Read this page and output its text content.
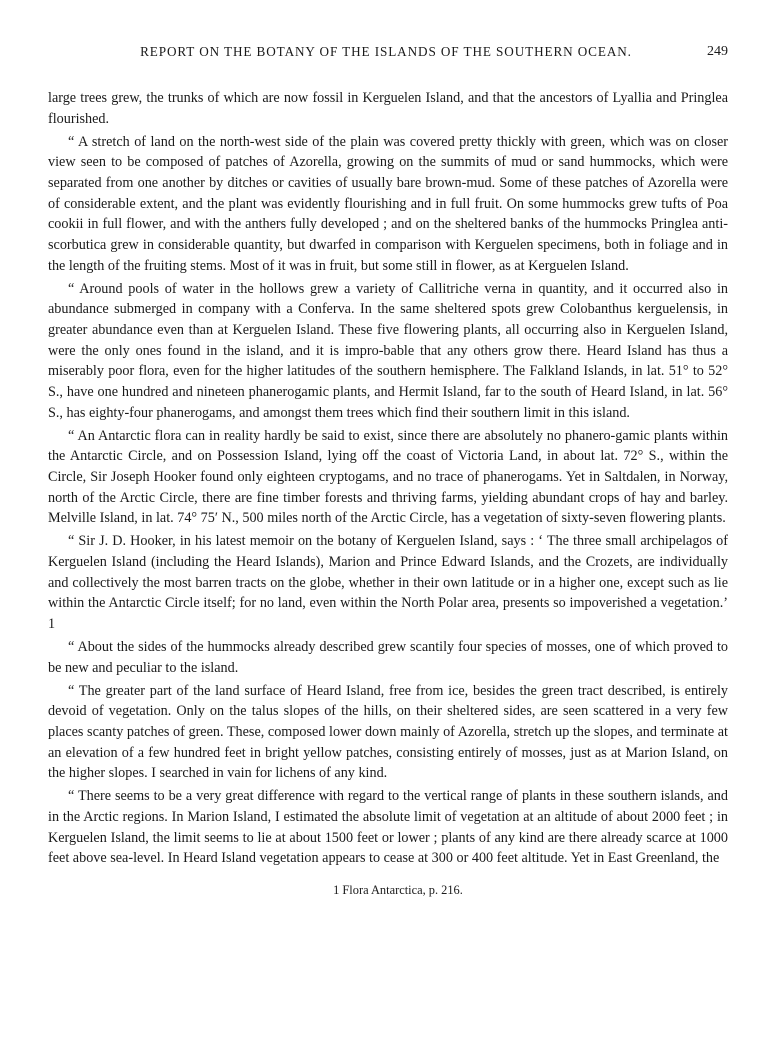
REPORT ON THE BOTANY OF THE ISLANDS OF THE SOUTHERN OCEAN.	249

large trees grew, the trunks of which are now fossil in Kerguelen Island, and that the ancestors of Lyallia and Pringlea flourished.

“ A stretch of land on the north-west side of the plain was covered pretty thickly with green, which was on closer view seen to be composed of patches of Azorella, growing on the summits of mud or sand hummocks, which were separated from one another by ditches or cavities of usually bare brown-mud. Some of these patches of Azorella were of considerable extent, and the plant was evidently flourishing and in full fruit. On some hummocks grew tufts of Poa cookii in full flower, and with the anthers fully developed ; and on the sheltered banks of the hummocks Pringlea anti-scorbutica grew in considerable quantity, but dwarfed in comparison with Kerguelen specimens, both in foliage and in the length of the fruiting stems. Most of it was in fruit, but some still in flower, as at Kerguelen Island.

“ Around pools of water in the hollows grew a variety of Callitriche verna in quantity, and it occurred also in abundance submerged in company with a Conferva. In the same sheltered spots grew Colobanthus kerguelensis, in greater abundance even than at Kerguelen Island. These five flowering plants, all occurring also in Kerguelen Island, were the only ones found in the island, and it is impro-bable that any others grow there. Heard Island has thus a miserably poor flora, even for the higher latitudes of the southern hemisphere. The Falkland Islands, in lat. 51° to 52° S., have one hundred and nineteen phanerogamic plants, and Hermit Island, far to the south of Heard Island, in lat. 56° S., has eighty-four phanerogams, and amongst them trees which find their southern limit in this island.

“ An Antarctic flora can in reality hardly be said to exist, since there are absolutely no phanero-gamic plants within the Antarctic Circle, and on Possession Island, lying off the coast of Victoria Land, in about lat. 72° S., within the Circle, Sir Joseph Hooker found only eighteen cryptogams, and no trace of phanerogams. Yet in Saltdalen, in Norway, north of the Arctic Circle, there are fine timber forests and thriving farms, yielding abundant crops of hay and barley. Melville Island, in lat. 74° 75′ N., 500 miles north of the Arctic Circle, has a vegetation of sixty-seven flowering plants.

“ Sir J. D. Hooker, in his latest memoir on the botany of Kerguelen Island, says : ‘ The three small archipelagos of Kerguelen Island (including the Heard Islands), Marion and Prince Edward Islands, and the Crozets, are individually and collectively the most barren tracts on the globe, whether in their own latitude or in a higher one, except such as lie within the Antarctic Circle itself; for no land, even within the North Polar area, presents so impoverished a vegetation.’ 1

“ About the sides of the hummocks already described grew scantily four species of mosses, one of which proved to be new and peculiar to the island.

“ The greater part of the land surface of Heard Island, free from ice, besides the green tract described, is entirely devoid of vegetation. Only on the talus slopes of the hills, on their sheltered sides, are seen scattered in a very few places scanty patches of green. These, composed lower down mainly of Azorella, stretch up the slopes, and terminate at an elevation of a few hundred feet in bright yellow patches, consisting entirely of mosses, just as at Marion Island, on the higher slopes. I searched in vain for lichens of any kind.

“ There seems to be a very great difference with regard to the vertical range of plants in these southern islands, and in the Arctic regions. In Marion Island, I estimated the absolute limit of vegetation at an altitude of about 2000 feet ; in Kerguelen Island, the limit seems to lie at about 1500 feet or lower ; plants of any kind are there already scarce at 1000 feet above sea-level. In Heard Island vegetation appears to cease at 300 or 400 feet altitude. Yet in East Greenland, the

1 Flora Antarctica, p. 216.
